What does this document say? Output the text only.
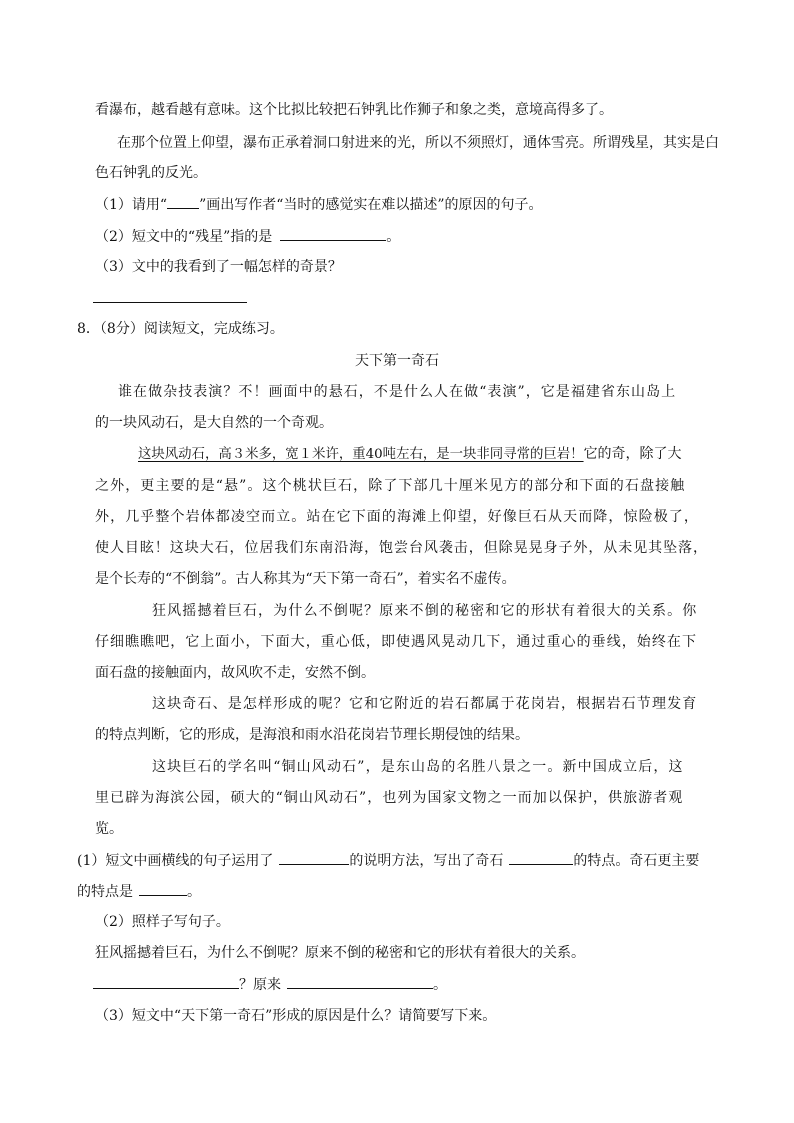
看瀑布，越看越有意味。这个比拟比较把石钟乳比作狮子和象之类，意境高得多了。
在那个位置上仰望，瀑布正承着洞口射进来的光，所以不须照灯，通体雪亮。所谓残星，其实是白
色石钟乳的反光。
（1）请用“ ”画出写作者“当时的感觉实在难以描述”的原因的句子。
（2）短文中的“残星”指的是	。
（3）文中的我看到了一幅怎样的奇景？
8．（8分）阅读短文，完成练习。
天下第一奇石
谁在做杂技表演？不！画面中的悬石，不是什么人在做“表演”，它是福建省东山岛上
的一块风动石，是大自然的一个奇观。
这块风动石，高３米多，宽１米许，重40吨左右，是一块非同寻常的巨岩！它的奇，除了大
之外，更主要的是“悬”。这个桃状巨石，除了下部几十厘米见方的部分和下面的石盘接触
外，几乎整个岩体都凌空而立。站在它下面的海滩上仰望，好像巨石从天而降，惊险极了，
使人目眩！这块大石，位居我们东南沿海，饱尝台风袭击，但除晃晃身子外，从未见其坠落，
是个长寿的“不倒翁”。古人称其为“天下第一奇石”，着实名不虚传。
狂风摇撼着巨石，为什么不倒呢？原来不倒的秘密和它的形状有着很大的关系。你
仔细瞧瞧吧，它上面小，下面大，重心低，即使遇风晃动几下，通过重心的垂线，始终在下
面石盘的接触面内，故风吹不走，安然不倒。
这块奇石、是怎样形成的呢？它和它附近的岩石都属于花岗岩，根据岩石节理发育
的特点判断，它的形成，是海浪和雨水沿花岗岩节理长期侵蚀的结果。
这块巨石的学名叫“铜山风动石”，是东山岛的名胜八景之一。新中国成立后，这
里已辟为海滨公园，硕大的“铜山风动石”，也列为国家文物之一而加以保护，供旅游者观
览。
(1）短文中画横线的句子运用了	的说明方法，写出了奇石	的特点。奇石更主要
的特点是	。
（2）照样子写句子。
狂风摇撼着巨石，为什么不倒呢？原来不倒的秘密和它的形状有着很大的关系。
？原来	。
（3）短文中“天下第一奇石”形成的原因是什么？请简要写下来。
